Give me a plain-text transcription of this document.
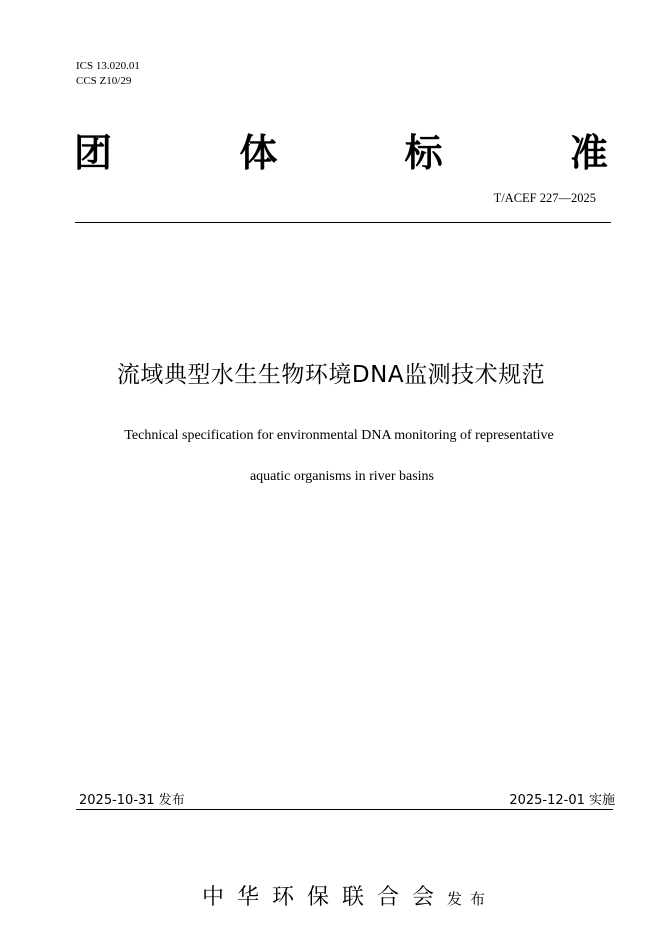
ICS 13.020.01
CCS Z10/29
团	体	标	准
T/ACEF 227—2025
流域典型水生生物环境DNA监测技术规范
Technical specification for environmental DNA monitoring of representative
aquatic organisms in river basins
2025-10-31 发布	2025-12-01 实施
中华环保联合会发布
